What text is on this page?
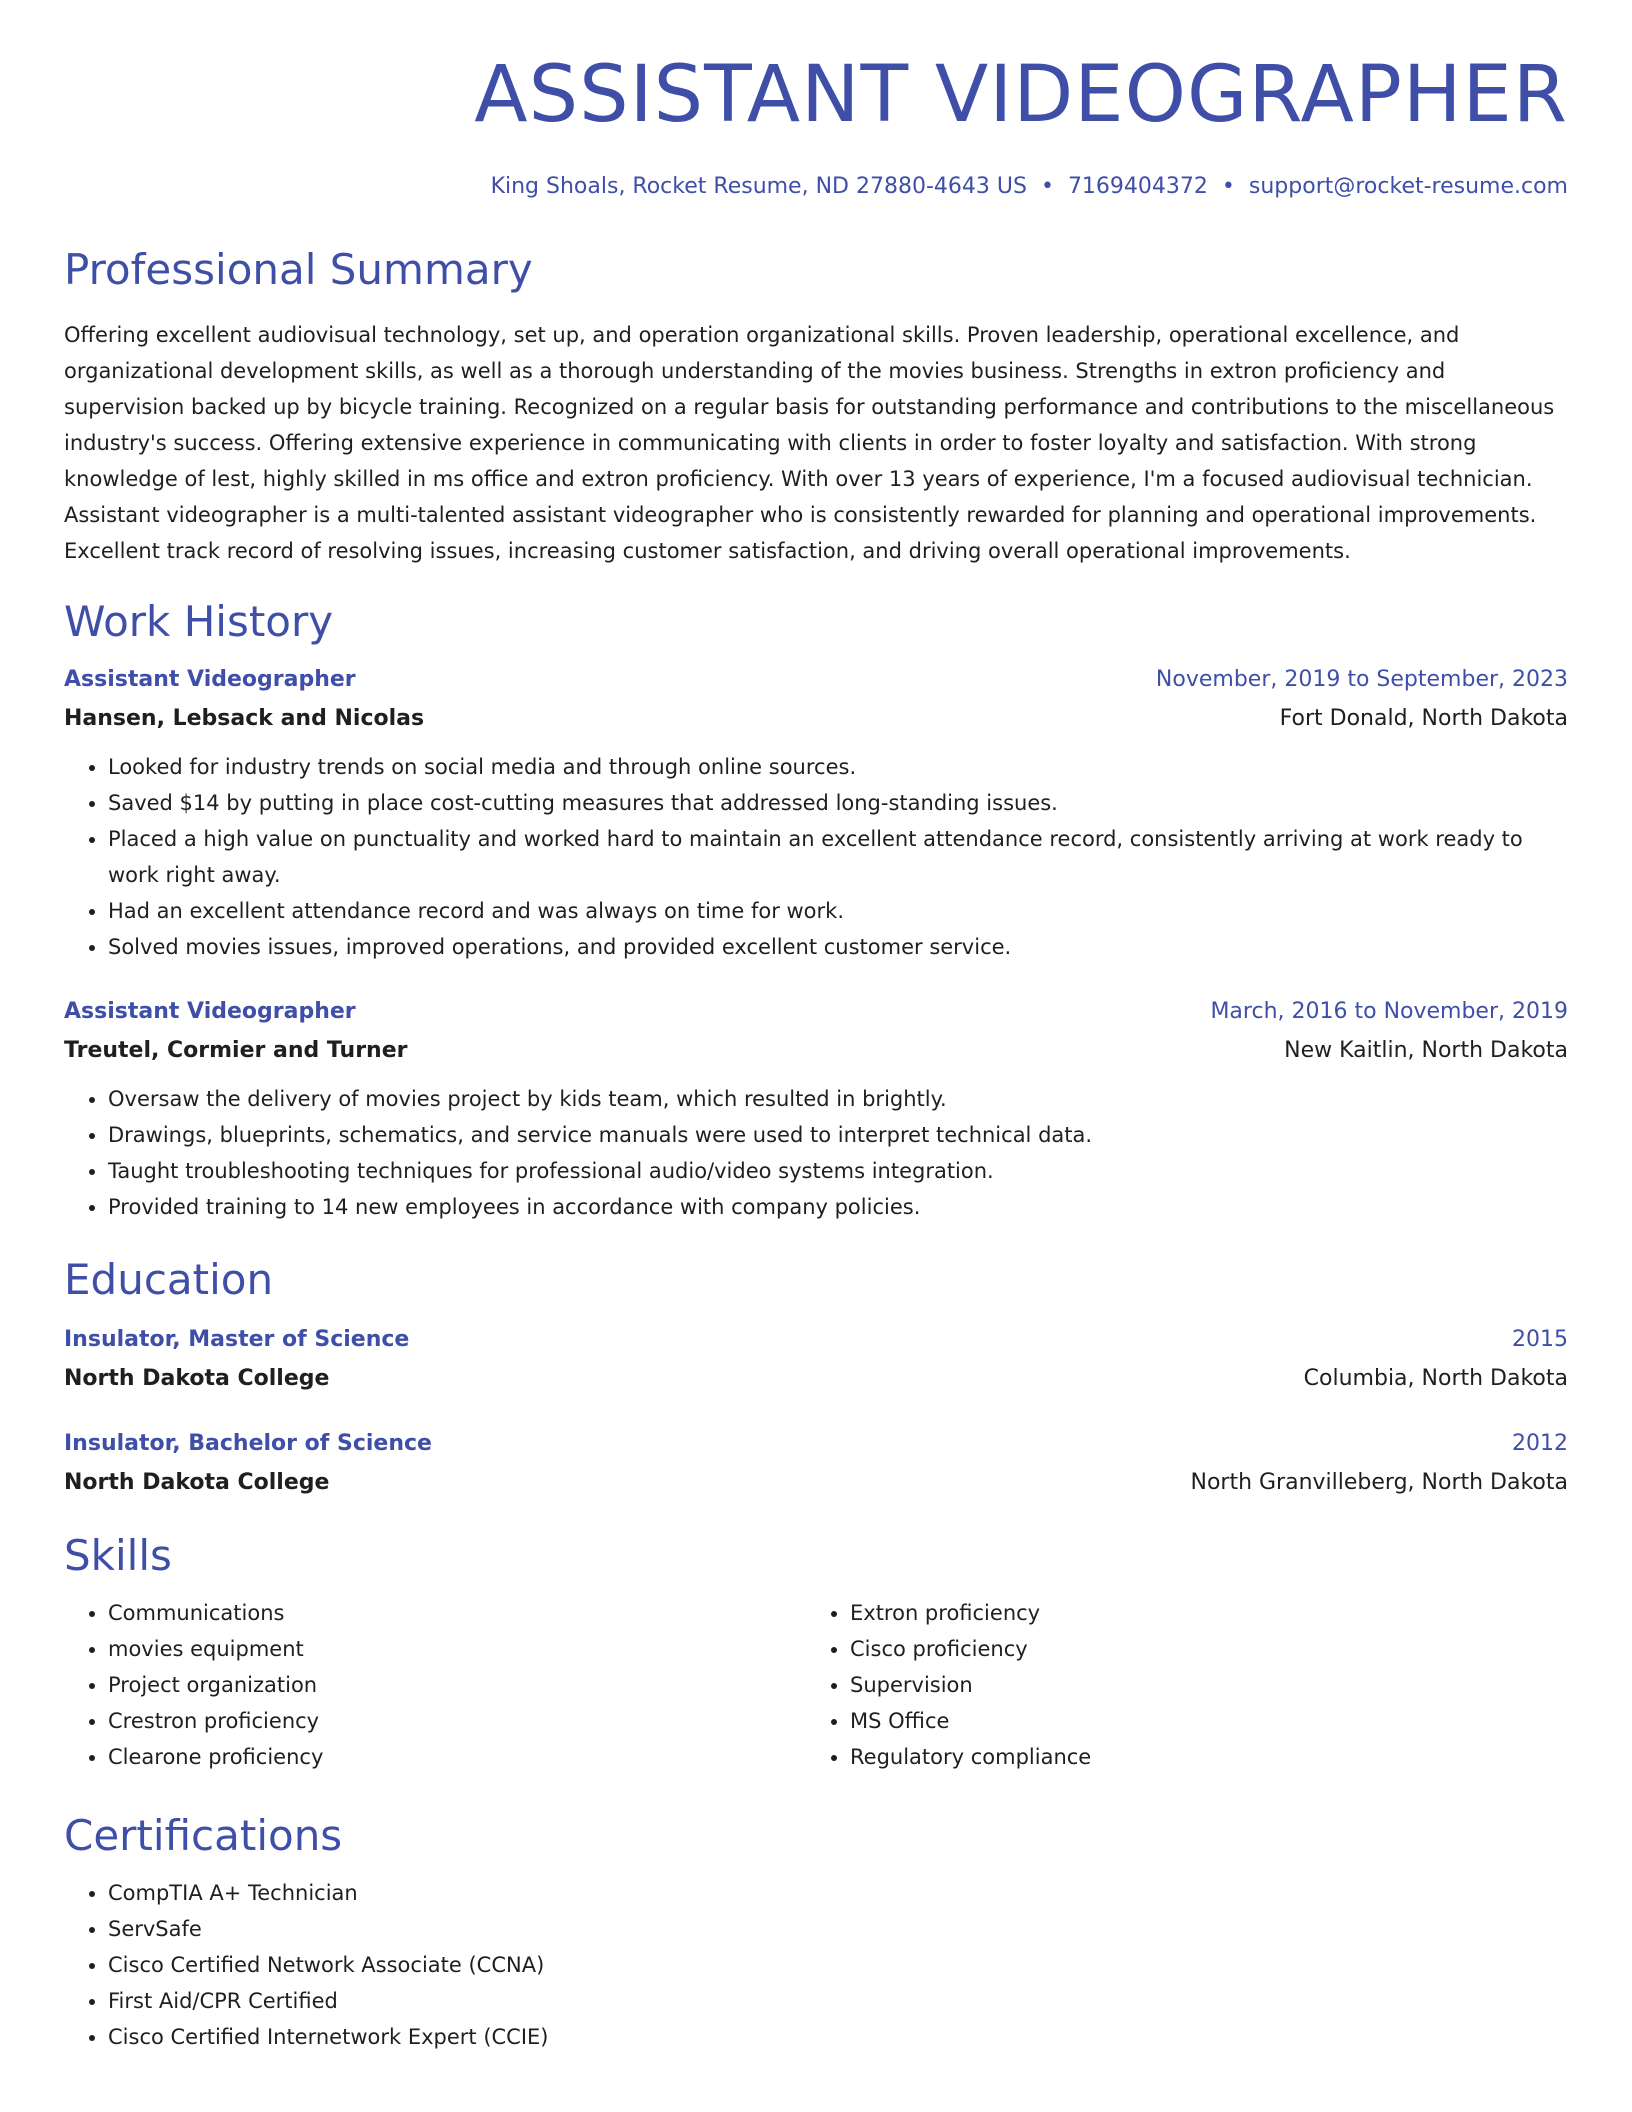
ASSISTANT VIDEOGRAPHER
King Shoals, Rocket Resume, ND 27880-4643 US • 7169404372 • support@rocket-resume.com
Professional Summary
Offering excellent audiovisual technology, set up, and operation organizational skills. Proven leadership, operational excellence, and organizational development skills, as well as a thorough understanding of the movies business. Strengths in extron proficiency and supervision backed up by bicycle training. Recognized on a regular basis for outstanding performance and contributions to the miscellaneous industry's success. Offering extensive experience in communicating with clients in order to foster loyalty and satisfaction. With strong knowledge of lest, highly skilled in ms office and extron proficiency. With over 13 years of experience, I'm a focused audiovisual technician. Assistant videographer is a multi-talented assistant videographer who is consistently rewarded for planning and operational improvements. Excellent track record of resolving issues, increasing customer satisfaction, and driving overall operational improvements.
Work History
Assistant Videographer	November, 2019 to September, 2023
Hansen, Lebsack and Nicolas	Fort Donald, North Dakota
• Looked for industry trends on social media and through online sources.
• Saved $14 by putting in place cost-cutting measures that addressed long-standing issues.
• Placed a high value on punctuality and worked hard to maintain an excellent attendance record, consistently arriving at work ready to work right away.
• Had an excellent attendance record and was always on time for work.
• Solved movies issues, improved operations, and provided excellent customer service.
Assistant Videographer	March, 2016 to November, 2019
Treutel, Cormier and Turner	New Kaitlin, North Dakota
• Oversaw the delivery of movies project by kids team, which resulted in brightly.
• Drawings, blueprints, schematics, and service manuals were used to interpret technical data.
• Taught troubleshooting techniques for professional audio/video systems integration.
• Provided training to 14 new employees in accordance with company policies.
Education
Insulator, Master of Science	2015
North Dakota College	Columbia, North Dakota
Insulator, Bachelor of Science	2012
North Dakota College	North Granvilleberg, North Dakota
Skills
• Communications
• movies equipment
• Project organization
• Crestron proficiency
• Clearone proficiency
• Extron proficiency
• Cisco proficiency
• Supervision
• MS Office
• Regulatory compliance
Certifications
• CompTIA A+ Technician
• ServSafe
• Cisco Certified Network Associate (CCNA)
• First Aid/CPR Certified
• Cisco Certified Internetwork Expert (CCIE)
